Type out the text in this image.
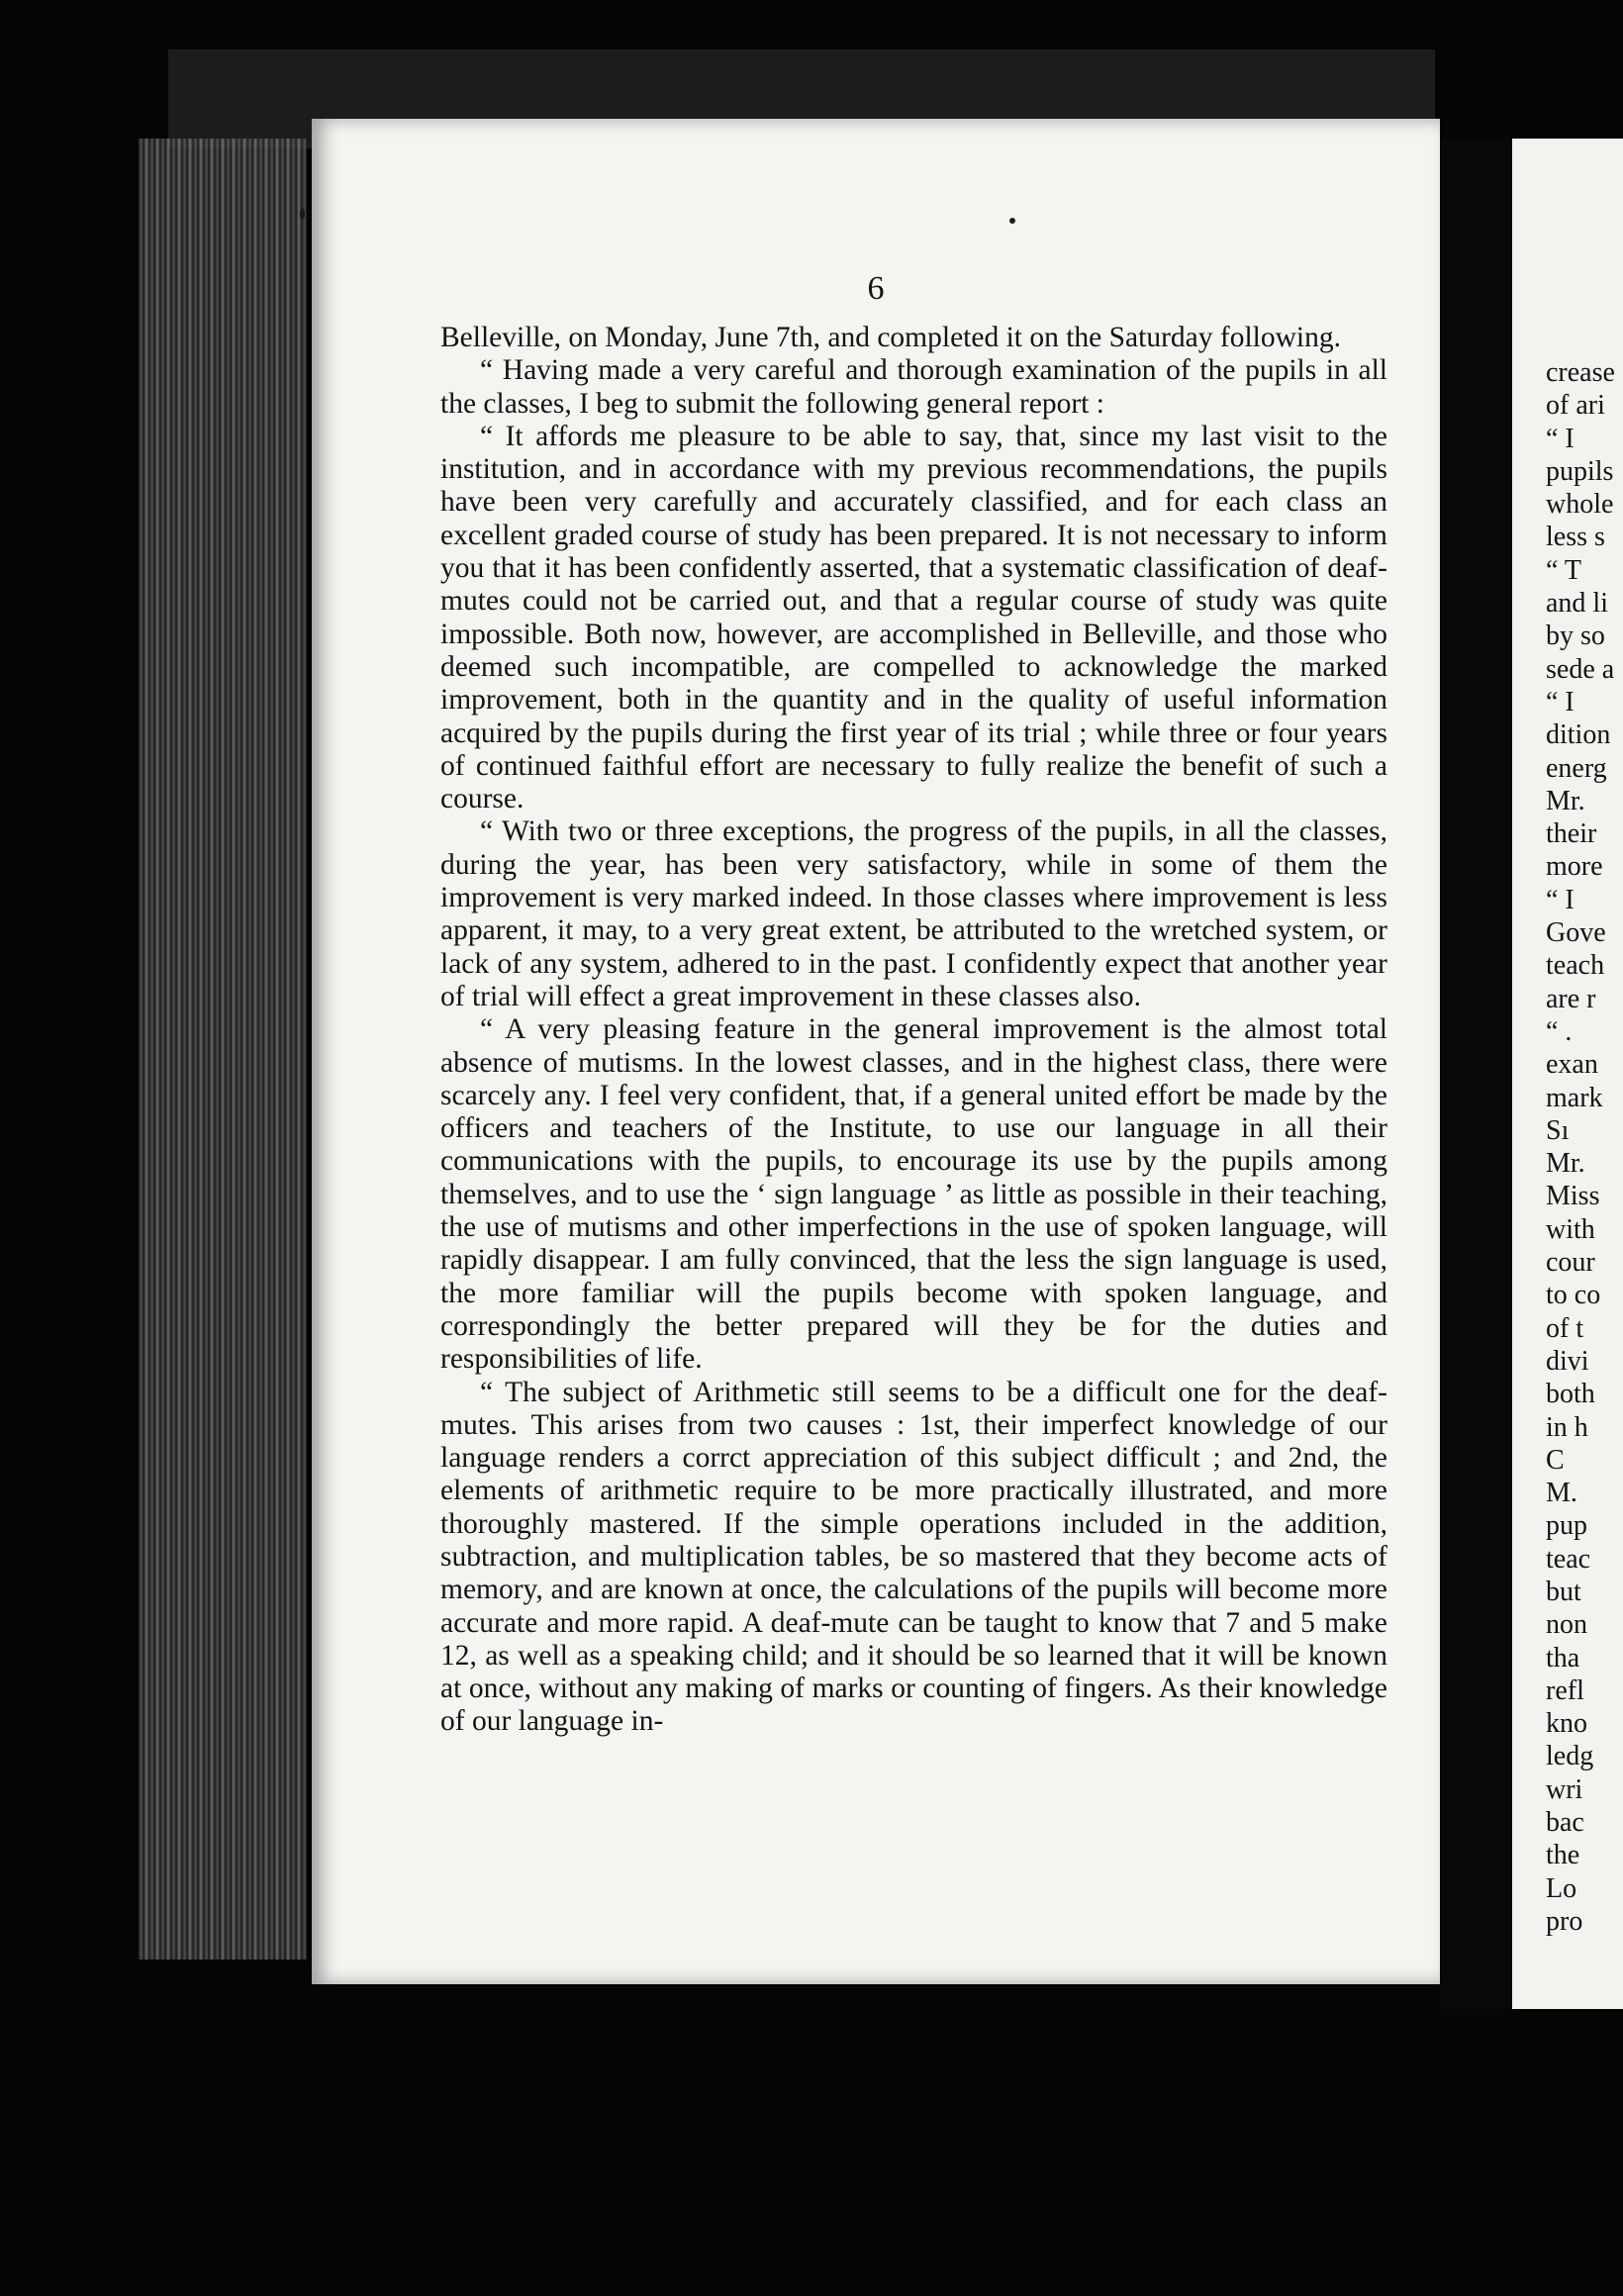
6

Belleville, on Monday, June 7th, and completed it on the Saturday following.

“ Having made a very careful and thorough examination of the pupils in all the classes, I beg to submit the following general report :

“ It affords me pleasure to be able to say, that, since my last visit to the institution, and in accordance with my previous recommendations, the pupils have been very carefully and accurately classified, and for each class an excellent graded course of study has been prepared. It is not necessary to inform you that it has been confidently asserted, that a systematic classification of deaf-mutes could not be carried out, and that a regular course of study was quite impossible. Both now, however, are accomplished in Belleville, and those who deemed such incompatible, are compelled to acknowledge the marked improvement, both in the quantity and in the quality of useful information acquired by the pupils during the first year of its trial ; while three or four years of continued faithful effort are necessary to fully realize the benefit of such a course.

“ With two or three exceptions, the progress of the pupils, in all the classes, during the year, has been very satisfactory, while in some of them the improvement is very marked indeed. In those classes where improvement is less apparent, it may, to a very great extent, be attributed to the wretched system, or lack of any system, adhered to in the past. I confidently expect that another year of trial will effect a great improvement in these classes also.

“ A very pleasing feature in the general improvement is the almost total absence of mutisms. In the lowest classes, and in the highest class, there were scarcely any. I feel very confident, that, if a general united effort be made by the officers and teachers of the Institute, to use our language in all their communications with the pupils, to encourage its use by the pupils among themselves, and to use the ‘ sign language ’ as little as possible in their teaching, the use of mutisms and other imperfections in the use of spoken language, will rapidly disappear. I am fully convinced, that the less the sign language is used, the more familiar will the pupils become with spoken language, and correspondingly the better prepared will they be for the duties and responsibilities of life.

“ The subject of Arithmetic still seems to be a difficult one for the deaf-mutes. This arises from two causes : 1st, their imperfect knowledge of our language renders a corrct appreciation of this subject difficult ; and 2nd, the elements of arithmetic require to be more practically illustrated, and more thoroughly mastered. If the simple operations included in the addition, subtraction, and multiplication tables, be so mastered that they become acts of memory, and are known at once, the calculations of the pupils will become more accurate and more rapid. A deaf-mute can be taught to know that 7 and 5 make 12, as well as a speaking child; and it should be so learned that it will be known at once, without any making of marks or counting of fingers. As their knowledge of our language in-

crease
of ari
“ I
pupils
whole
less s
“ T
and li
by so
sede a
“ I
dition
energ
Mr.
their
more
“ I
Gove
teach
are r
“ .
exan
mark
Sı
Mr.
Miss
with
cour
to co
of t
divi
both
in h
C
M.
pup
teac
but
non
tha
refl
kno
ledg
wri
bac
the
Lo
pro
